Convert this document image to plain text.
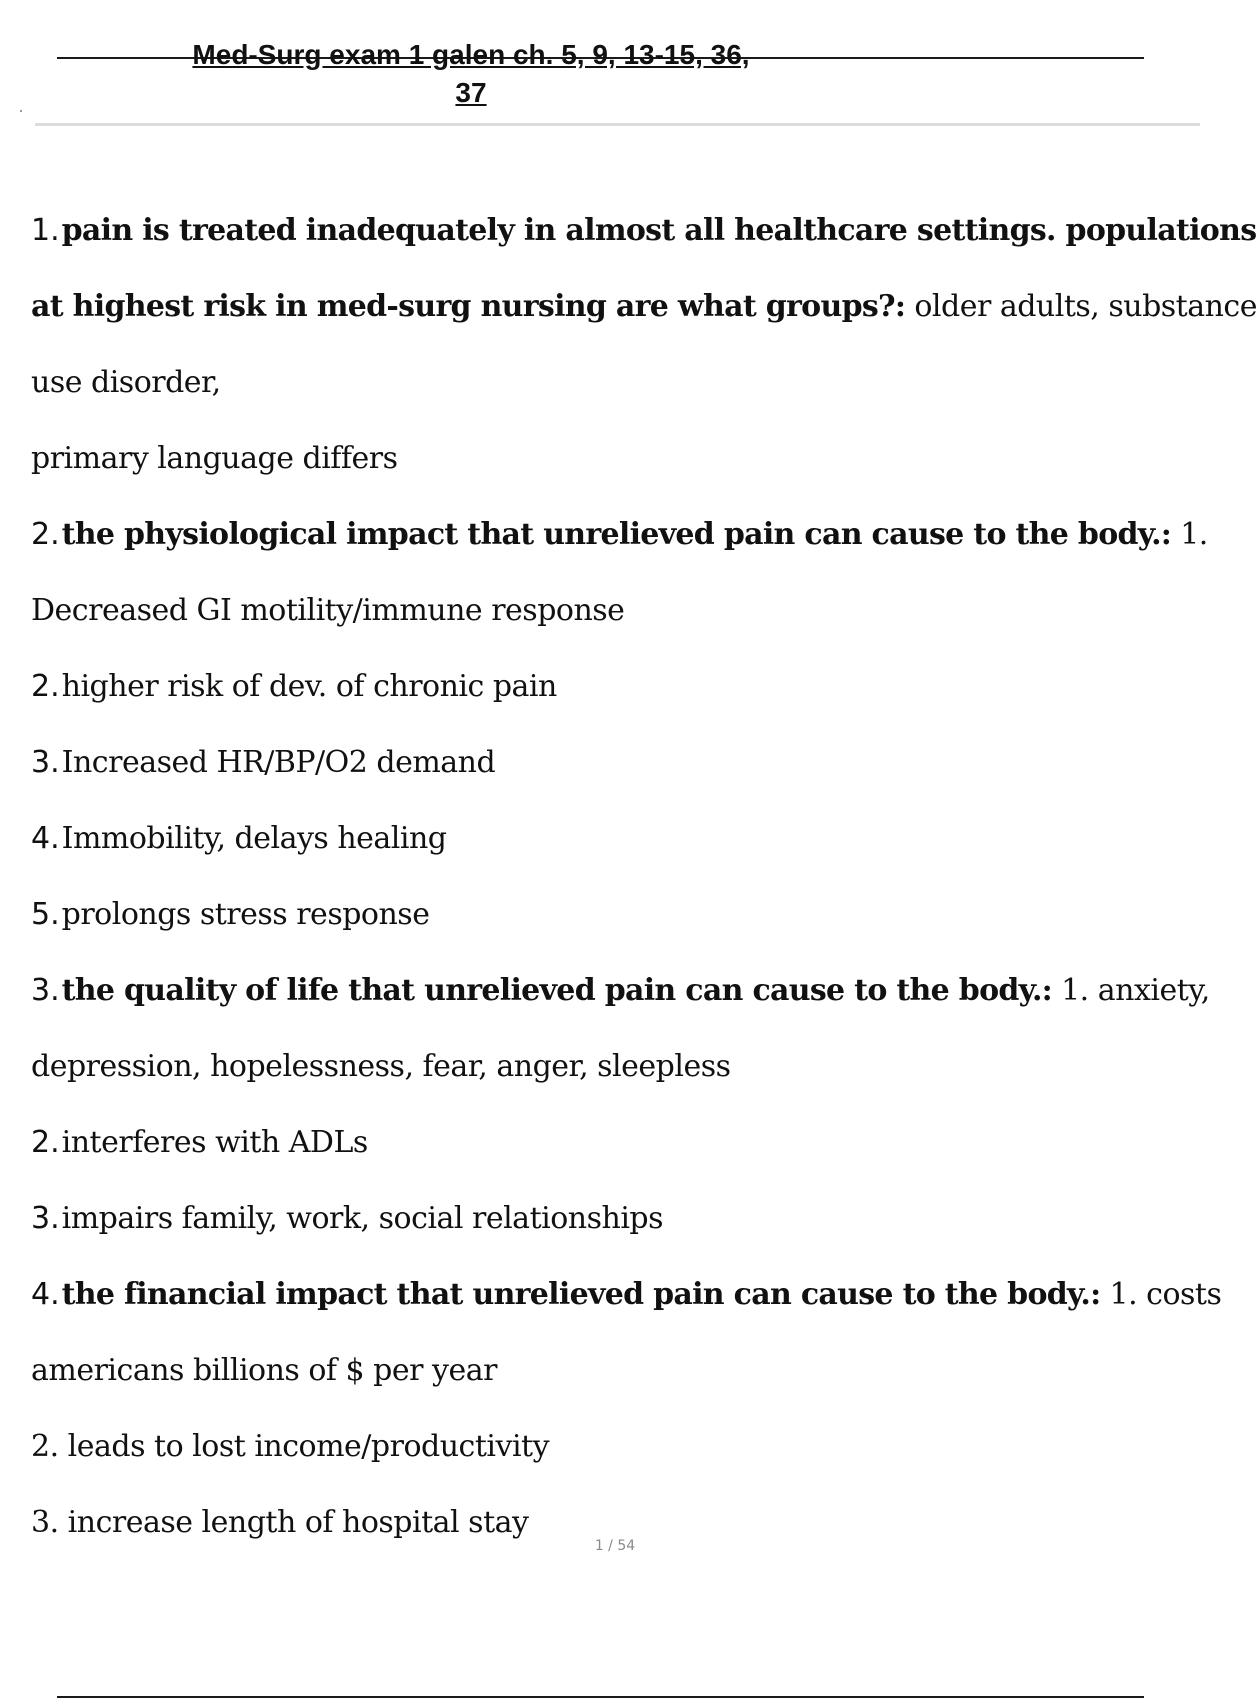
Med-Surg exam 1 galen ch. 5, 9, 13-15, 36,
37

1.pain is treated inadequately in almost all healthcare settings. populations

at highest risk in med-surg nursing are what groups?: older adults, substance

use disorder,

primary language differs

2.the physiological impact that unrelieved pain can cause to the body.: 1.

Decreased GI motility/immune response

2.higher risk of dev. of chronic pain

3.Increased HR/BP/O2 demand

4.Immobility, delays healing

5.prolongs stress response

3.the quality of life that unrelieved pain can cause to the body.: 1. anxiety,

depression, hopelessness, fear, anger, sleepless

2.interferes with ADLs

3.impairs family, work, social relationships

4.the financial impact that unrelieved pain can cause to the body.: 1. costs

americans billions of $ per year

2. leads to lost income/productivity

3. increase length of hospital stay

1 / 54
